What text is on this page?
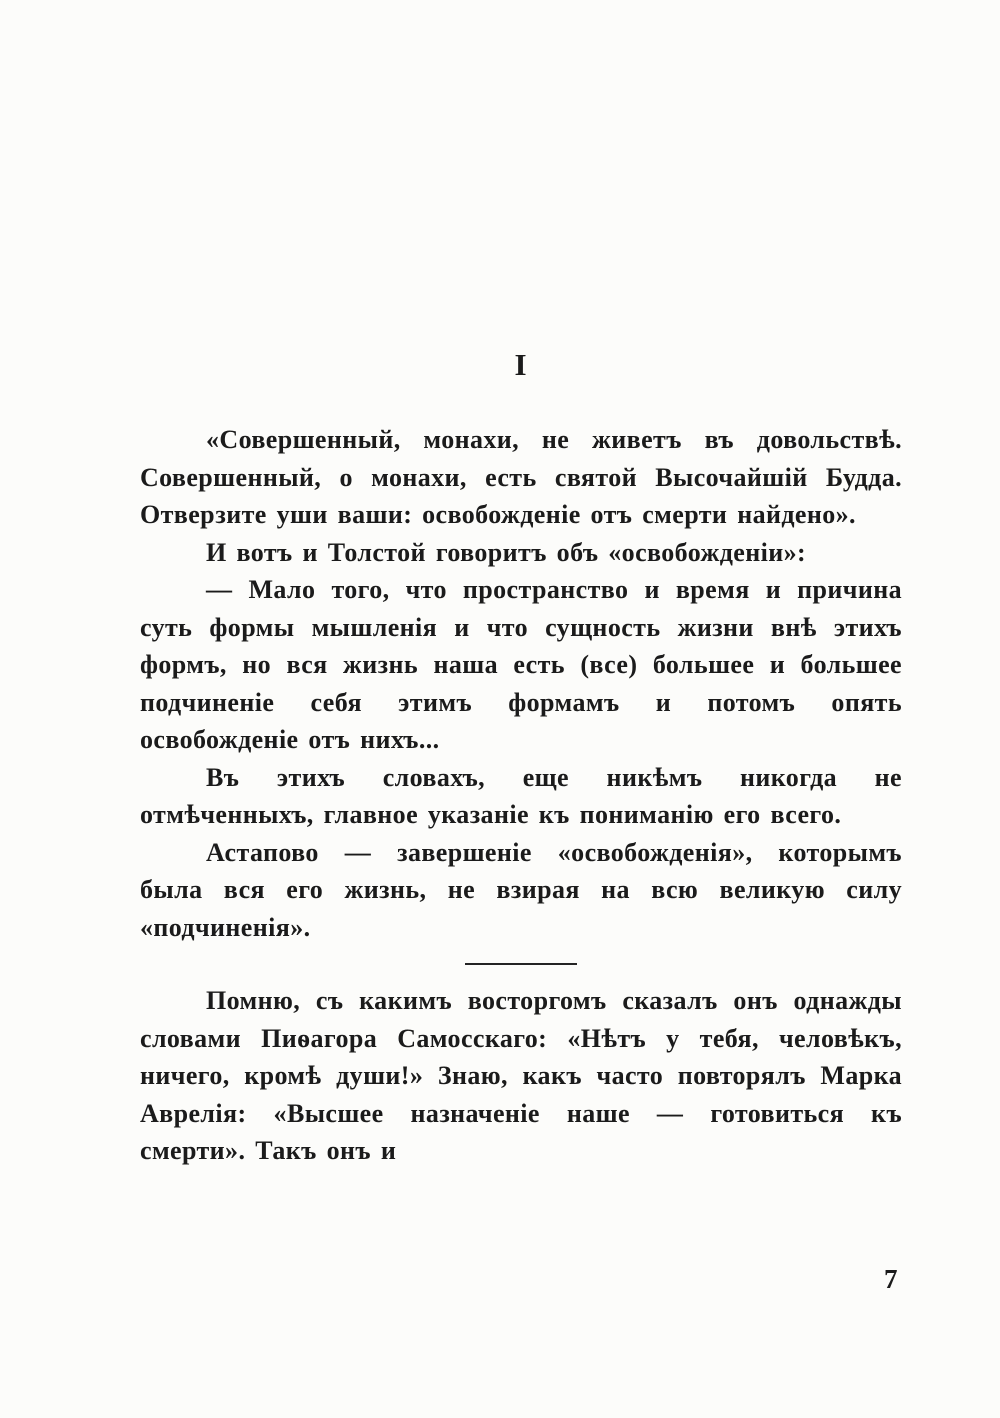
I

«Совершенный, монахи, не живетъ въ довольствѣ. Совершенный, о монахи, есть святой Высочайшій Будда. Отверзите уши ваши: освобожденіе отъ смерти найдено».

И вотъ и Толстой говоритъ объ «освобожденіи»:

— Мало того, что пространство и время и причина суть формы мышленія и что сущность жизни внѣ этихъ формъ, но вся жизнь наша есть (все) большее и большее подчиненіе себя этимъ формамъ и потомъ опять освобожденіе отъ нихъ...

Въ этихъ словахъ, еще никѣмъ никогда не отмѣченныхъ, главное указаніе къ пониманію его всего.

Астапово — завершеніе «освобожденія», которымъ была вся его жизнь, не взирая на всю великую силу «подчиненія».

Помню, съ какимъ восторгомъ сказалъ онъ однажды словами Пиѳагора Самосскаго: «Нѣтъ у тебя, человѣкъ, ничего, кромѣ души!» Знаю, какъ часто повторялъ Марка Аврелія: «Высшее назначеніе наше — готовиться къ смерти». Такъ онъ и

7
